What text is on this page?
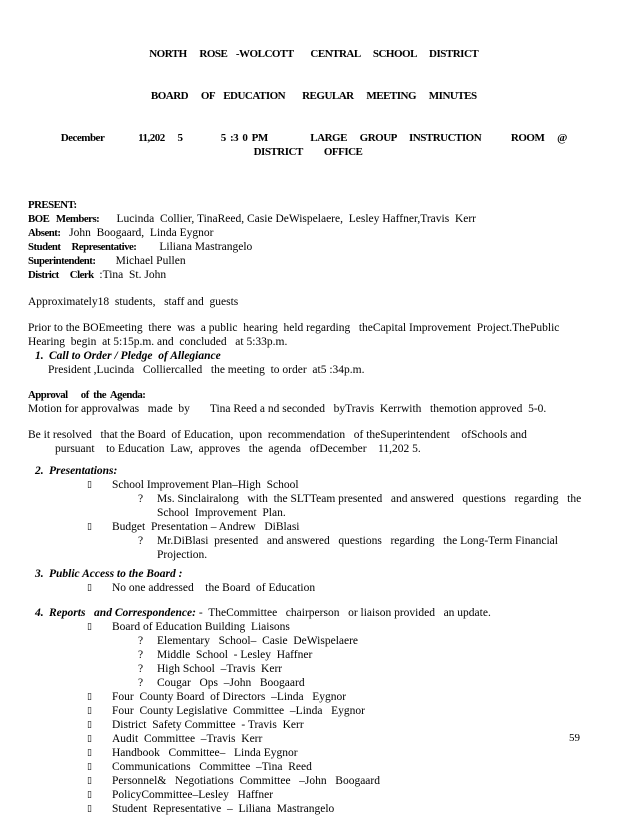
NORTH   ROSE  -WOLCOTT    CENTRAL   SCHOOL   DISTRICT

BOARD   OF  EDUCATION    REGULAR   MEETING   MINUTES

December        11,202   5         5 :3 0 PM          LARGE   GROUP   INSTRUCTION       ROOM   @  DISTRICT     OFFICE

PRESENT:
BOE   Members:      Lucinda  Collier, TinaReed, Casie DeWispelaere,  Lesley Haffner,Travis  Kerr
Absent:   John  Boogaard,  Linda Eygnor
Student     Representative:        Liliana Mastrangelo
Superintendent:       Michael Pullen
District     Clerk  :Tina  St. John
Approximately18  students,   staff and  guests
Prior to the BOEmeeting  there  was  a public  hearing  held regarding   theCapital Improvement  Project.ThePublic Hearing  begin  at 5:15p.m. and  concluded   at 5:33p.m.
1. Call to Order / Pledge  of Allegiance
President ,Lucinda   Colliercalled   the meeting  to order  at5 :34p.m.
Approval      of  the  Agenda:
Motion for approvalwas   made  by       Tina Reed a nd seconded   byTravis  Kerrwith   themotion approved  5-0.
Be it resolved   that the Board  of Education,  upon  recommendation   of theSuperintendent    ofSchools and
pursuant    to Education  Law,  approves   the  agenda   ofDecember    11,202 5.
2. Presentations:
▯	School Improvement Plan–High  School
?	Ms. Sinclairalong   with  the SLTTeam presented   and answered   questions   regarding   the School  Improvement  Plan.
▯	Budget  Presentation – Andrew   DiBlasi
?	Mr.DiBlasi  presented   and answered   questions   regarding   the Long-Term Financial Projection.
3. Public Access to the Board :
▯	No one addressed    the Board  of Education
4. Reports   and Correspondence: -  TheCommittee   chairperson   or liaison provided   an update.
▯	Board of Education Building  Liaisons
?	Elementary   School–  Casie  DeWispelaere
?	Middle  School  - Lesley  Haffner
?	High School  –Travis  Kerr
?	Cougar   Ops  –John   Boogaard
▯	Four  County Board  of Directors  –Linda   Eygnor
▯	Four  County Legislative  Committee  –Linda   Eygnor
▯	District  Safety Committee  - Travis  Kerr
▯	Audit  Committee  –Travis  Kerr
▯	Handbook   Committee–   Linda Eygnor
▯	Communications   Committee  –Tina  Reed
▯	Personnel&   Negotiations  Committee   –John   Boogaard
▯	PolicyCommittee–Lesley   Haffner
▯	Student  Representative  –  Liliana  Mastrangelo
59
